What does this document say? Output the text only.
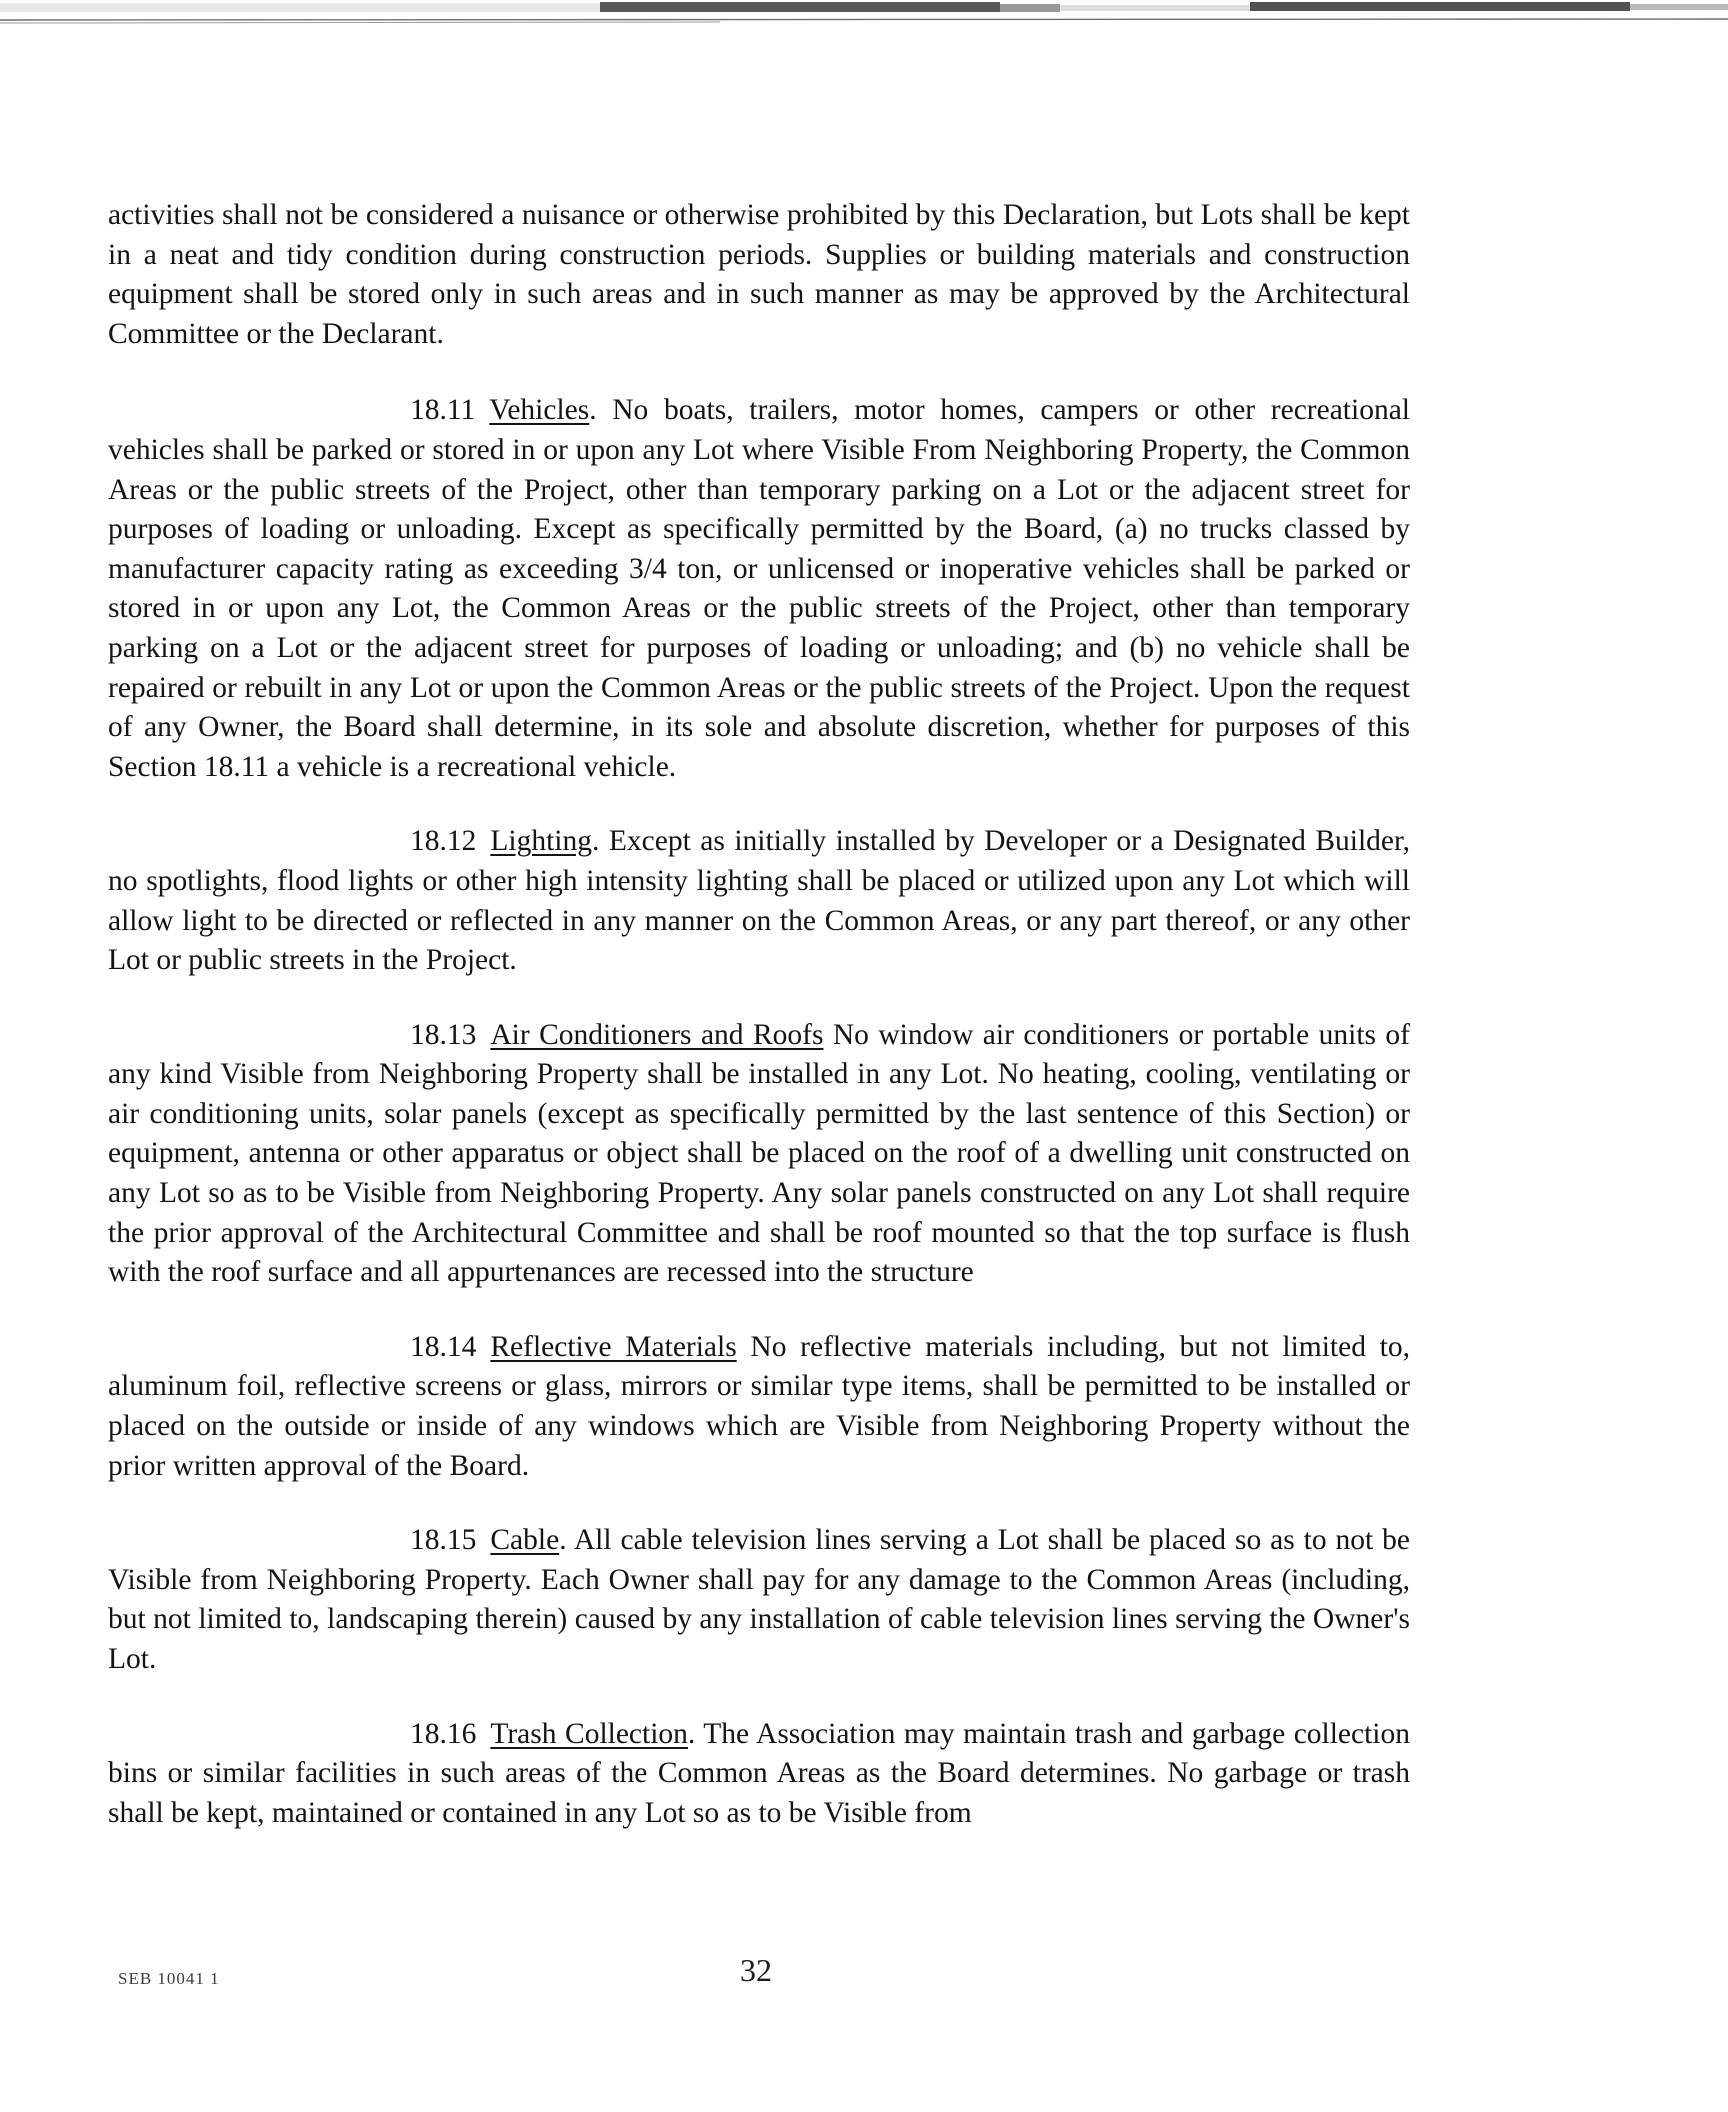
activities shall not be considered a nuisance or otherwise prohibited by this Declaration, but Lots shall be kept in a neat and tidy condition during construction periods. Supplies or building materials and construction equipment shall be stored only in such areas and in such manner as may be approved by the Architectural Committee or the Declarant.

18.11 Vehicles. No boats, trailers, motor homes, campers or other recreational vehicles shall be parked or stored in or upon any Lot where Visible From Neighboring Property, the Common Areas or the public streets of the Project, other than temporary parking on a Lot or the adjacent street for purposes of loading or unloading. Except as specifically permitted by the Board, (a) no trucks classed by manufacturer capacity rating as exceeding 3/4 ton, or unlicensed or inoperative vehicles shall be parked or stored in or upon any Lot, the Common Areas or the public streets of the Project, other than temporary parking on a Lot or the adjacent street for purposes of loading or unloading; and (b) no vehicle shall be repaired or rebuilt in any Lot or upon the Common Areas or the public streets of the Project. Upon the request of any Owner, the Board shall determine, in its sole and absolute discretion, whether for purposes of this Section 18.11 a vehicle is a recreational vehicle.

18.12 Lighting. Except as initially installed by Developer or a Designated Builder, no spotlights, flood lights or other high intensity lighting shall be placed or utilized upon any Lot which will allow light to be directed or reflected in any manner on the Common Areas, or any part thereof, or any other Lot or public streets in the Project.

18.13 Air Conditioners and Roofs No window air conditioners or portable units of any kind Visible from Neighboring Property shall be installed in any Lot. No heating, cooling, ventilating or air conditioning units, solar panels (except as specifically permitted by the last sentence of this Section) or equipment, antenna or other apparatus or object shall be placed on the roof of a dwelling unit constructed on any Lot so as to be Visible from Neighboring Property. Any solar panels constructed on any Lot shall require the prior approval of the Architectural Committee and shall be roof mounted so that the top surface is flush with the roof surface and all appurtenances are recessed into the structure

18.14 Reflective Materials No reflective materials including, but not limited to, aluminum foil, reflective screens or glass, mirrors or similar type items, shall be permitted to be installed or placed on the outside or inside of any windows which are Visible from Neighboring Property without the prior written approval of the Board.

18.15 Cable. All cable television lines serving a Lot shall be placed so as to not be Visible from Neighboring Property. Each Owner shall pay for any damage to the Common Areas (including, but not limited to, landscaping therein) caused by any installation of cable television lines serving the Owner's Lot.

18.16 Trash Collection. The Association may maintain trash and garbage collection bins or similar facilities in such areas of the Common Areas as the Board determines. No garbage or trash shall be kept, maintained or contained in any Lot so as to be Visible from

SEB 10041 1	32
